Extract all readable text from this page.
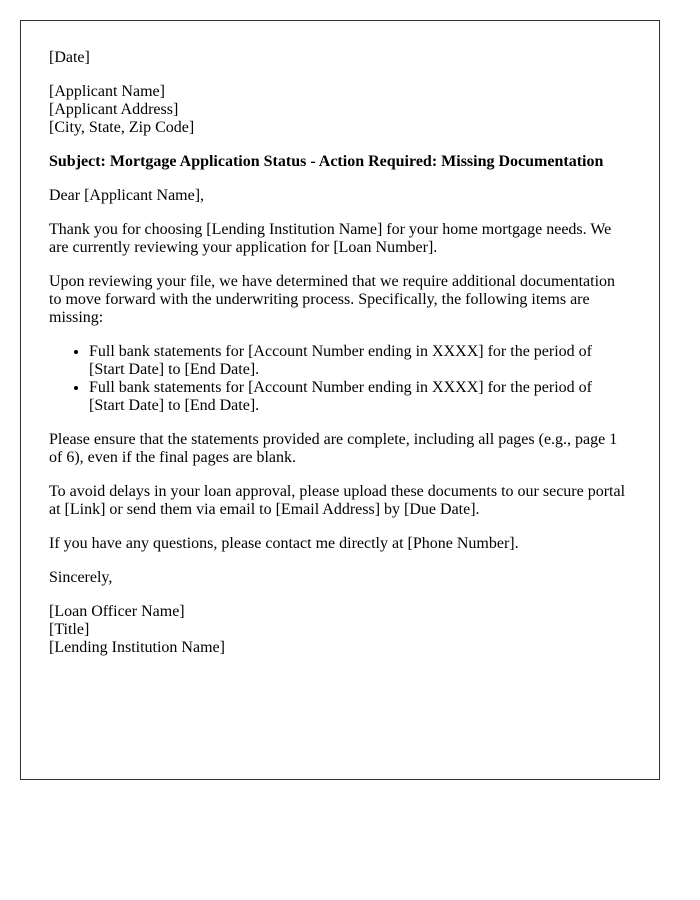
[Date]

[Applicant Name]
[Applicant Address]
[City, State, Zip Code]

Subject: Mortgage Application Status - Action Required: Missing Documentation

Dear [Applicant Name],

Thank you for choosing [Lending Institution Name] for your home mortgage needs. We are currently reviewing your application for [Loan Number].

Upon reviewing your file, we have determined that we require additional documentation to move forward with the underwriting process. Specifically, the following items are missing:

• Full bank statements for [Account Number ending in XXXX] for the period of [Start Date] to [End Date].
• Full bank statements for [Account Number ending in XXXX] for the period of [Start Date] to [End Date].

Please ensure that the statements provided are complete, including all pages (e.g., page 1 of 6), even if the final pages are blank.

To avoid delays in your loan approval, please upload these documents to our secure portal at [Link] or send them via email to [Email Address] by [Due Date].

If you have any questions, please contact me directly at [Phone Number].

Sincerely,

[Loan Officer Name]
[Title]
[Lending Institution Name]
